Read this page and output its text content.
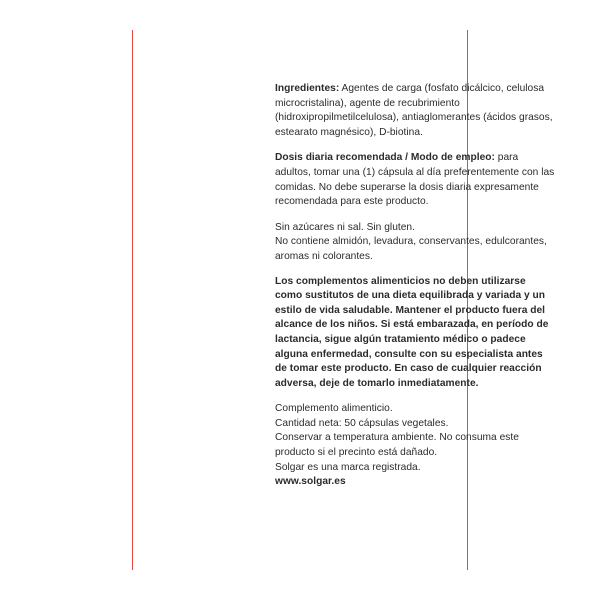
Ingredientes: Agentes de carga (fosfato dicálcico, celulosa microcristalina), agente de recubrimiento (hidroxipropilmetilcelulosa), antiaglomerantes (ácidos grasos, estearato magnésico), D-biotina.

Dosis diaria recomendada / Modo de empleo: para adultos, tomar una (1) cápsula al día preferentemente con las comidas. No debe superarse la dosis diaria expresamente recomendada para este producto.

Sin azúcares ni sal. Sin gluten.

No contiene almidón, levadura, conservantes, edulcorantes, aromas ni colorantes.

Los complementos alimenticios no deben utilizarse como sustitutos de una dieta equilibrada y variada y un estilo de vida saludable. Mantener el producto fuera del alcance de los niños. Si está embarazada, en período de lactancia, sigue algún tratamiento médico o padece alguna enfermedad, consulte con su especialista antes de tomar este producto. En caso de cualquier reacción adversa, deje de tomarlo inmediatamente.

Complemento alimenticio.

Cantidad neta: 50 cápsulas vegetales.

Conservar a temperatura ambiente. No consuma este producto si el precinto está dañado.

Solgar es una marca registrada.

www.solgar.es
